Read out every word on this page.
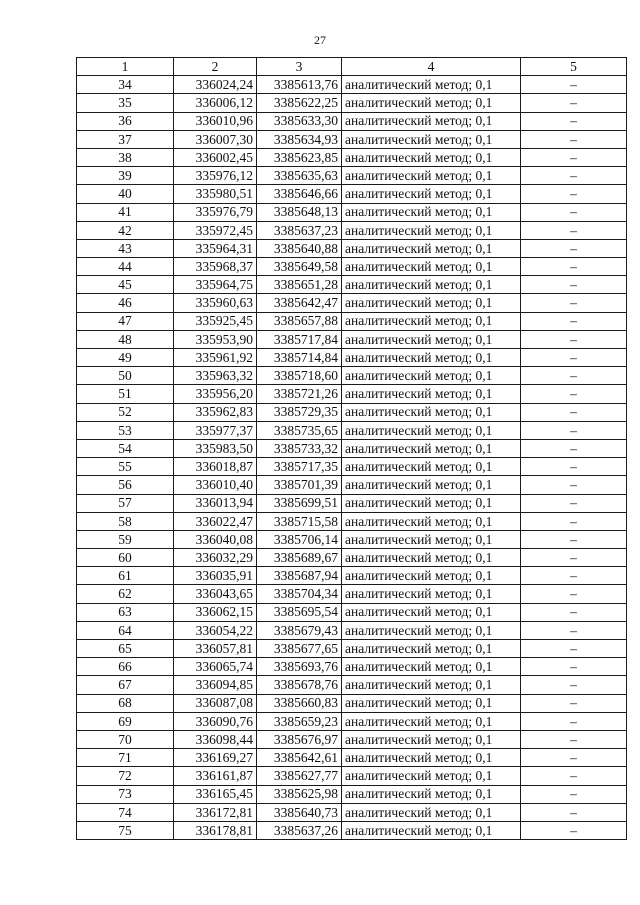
27
1	2	3	4	5
34	336024,24	3385613,76	аналитический метод; 0,1	–
35	336006,12	3385622,25	аналитический метод; 0,1	–
36	336010,96	3385633,30	аналитический метод; 0,1	–
37	336007,30	3385634,93	аналитический метод; 0,1	–
38	336002,45	3385623,85	аналитический метод; 0,1	–
39	335976,12	3385635,63	аналитический метод; 0,1	–
40	335980,51	3385646,66	аналитический метод; 0,1	–
41	335976,79	3385648,13	аналитический метод; 0,1	–
42	335972,45	3385637,23	аналитический метод; 0,1	–
43	335964,31	3385640,88	аналитический метод; 0,1	–
44	335968,37	3385649,58	аналитический метод; 0,1	–
45	335964,75	3385651,28	аналитический метод; 0,1	–
46	335960,63	3385642,47	аналитический метод; 0,1	–
47	335925,45	3385657,88	аналитический метод; 0,1	–
48	335953,90	3385717,84	аналитический метод; 0,1	–
49	335961,92	3385714,84	аналитический метод; 0,1	–
50	335963,32	3385718,60	аналитический метод; 0,1	–
51	335956,20	3385721,26	аналитический метод; 0,1	–
52	335962,83	3385729,35	аналитический метод; 0,1	–
53	335977,37	3385735,65	аналитический метод; 0,1	–
54	335983,50	3385733,32	аналитический метод; 0,1	–
55	336018,87	3385717,35	аналитический метод; 0,1	–
56	336010,40	3385701,39	аналитический метод; 0,1	–
57	336013,94	3385699,51	аналитический метод; 0,1	–
58	336022,47	3385715,58	аналитический метод; 0,1	–
59	336040,08	3385706,14	аналитический метод; 0,1	–
60	336032,29	3385689,67	аналитический метод; 0,1	–
61	336035,91	3385687,94	аналитический метод; 0,1	–
62	336043,65	3385704,34	аналитический метод; 0,1	–
63	336062,15	3385695,54	аналитический метод; 0,1	–
64	336054,22	3385679,43	аналитический метод; 0,1	–
65	336057,81	3385677,65	аналитический метод; 0,1	–
66	336065,74	3385693,76	аналитический метод; 0,1	–
67	336094,85	3385678,76	аналитический метод; 0,1	–
68	336087,08	3385660,83	аналитический метод; 0,1	–
69	336090,76	3385659,23	аналитический метод; 0,1	–
70	336098,44	3385676,97	аналитический метод; 0,1	–
71	336169,27	3385642,61	аналитический метод; 0,1	–
72	336161,87	3385627,77	аналитический метод; 0,1	–
73	336165,45	3385625,98	аналитический метод; 0,1	–
74	336172,81	3385640,73	аналитический метод; 0,1	–
75	336178,81	3385637,26	аналитический метод; 0,1	–
